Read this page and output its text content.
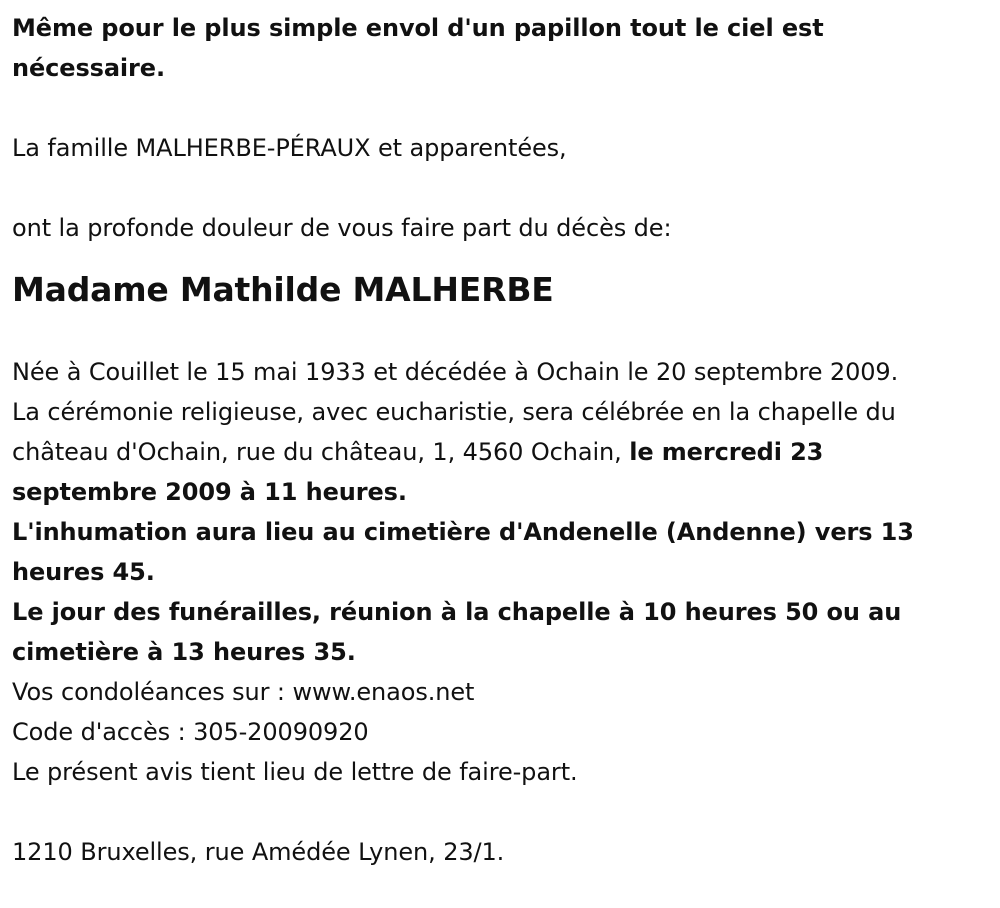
Même pour le plus simple envol d'un papillon tout le ciel est
nécessaire.
La famille MALHERBE-PÉRAUX et apparentées,
ont la profonde douleur de vous faire part du décès de:
Madame Mathilde MALHERBE
Née à Couillet le 15 mai 1933 et décédée à Ochain le 20 septembre 2009.
La cérémonie religieuse, avec eucharistie, sera célébrée en la chapelle du
château d'Ochain, rue du château, 1, 4560 Ochain, le mercredi 23
septembre 2009 à 11 heures.
L'inhumation aura lieu au cimetière d'Andenelle (Andenne) vers 13
heures 45.
Le jour des funérailles, réunion à la chapelle à 10 heures 50 ou au
cimetière à 13 heures 35.
Vos condoléances sur : www.enaos.net
Code d'accès : 305-20090920
Le présent avis tient lieu de lettre de faire-part.
1210 Bruxelles, rue Amédée Lynen, 23/1.
